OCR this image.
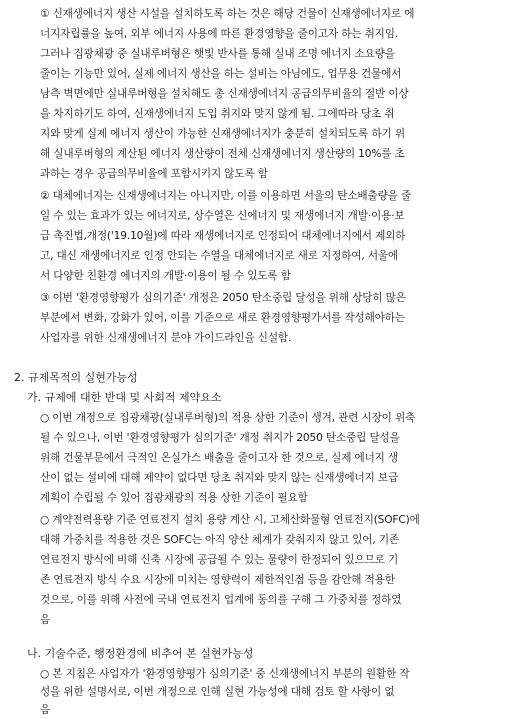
① 신재생에너지 생산 시설을 설치하도록 하는 것은 해당 건물이 신재생에너지로 에
너지자립률을 높여, 외부 에너지 사용에 따른 환경영향을 줄이고자 하는 취지임.
그러나 집광채광 중 실내루버형은 햇빛 반사를 통해 실내 조명 에너지 소요량을
줄이는 기능만 있어, 실제 에너지 생산을 하는 설비는 아님에도, 업무용 건물에서
남측 벽면에만 실내루버형을 설치해도 총 신재생에너지 공급의무비율의 절반 이상
을 차지하기도 하여, 신재생에너지 도입 취지와 맞지 않게 됨. 그에따라 당초 취
지와 맞게 실제 에너지 생산이 가능한 신재생에너지가 충분히 설치되도록 하기 위
해 실내루버형의 계산된 에너지 생산량이 전체 신재생에너지 생산량의 10%를 초
과하는 경우 공급의무비율에 포함시키지 않도록 함
② 대체에너지는 신재생에너지는 아니지만, 이를 이용하면 서울의 탄소배출량을 줄
일 수 있는 효과가 있는 에너지로, 상수열은 신에너지 및 재생에너지 개발·이용·보
급 촉진법,개정('19.10월)에 따라 재생에너지로 인정되어 대체에너지에서 제외하
고, 대신 재생에너지로 인정 안되는 수열을 대체에너지로 새로 지정하여, 서울에
서 다양한 친환경 에너지의 개발·이용이 될 수 있도록 함
③ 이번 '환경영향평가 심의기준' 개정은 2050 탄소중립 달성을 위해 상당히 많은
부분에서 변화, 강화가 있어, 이를 기준으로 새로 환경영향평가서를 작성해야하는
사업자를 위한 신재생에너지 분야 가이드라인을 신설함.
2. 규제목적의 실현가능성
가. 규제에 대한 반대 및 사회적 제약요소
○ 이번 개정으로 집광채광(실내루버형)의 적용 상한 기준이 생겨, 관련 시장이 위축
될 수 있으나, 이번 '환경영향평가 심의기준' 개정 취지가 2050 탄소중립 달성을
위해 건물부문에서 극적인 온실가스 배출을 줄이고자 한 것으로, 실제 에너지 생
산이 없는 설비에 대해 제약이 없다면 당초 취지와 맞지 않는 신재생에너지 보급
계획이 수립될 수 있어 집광채광의 적용 상한 기준이 필요함
○ 계약전력용량 기준 연료전지 설치 용량 계산 시, 고체산화물형 연료전지(SOFC)에
대해 가중치를 적용한 것은 SOFC는 아직 양산 체계가 갖춰지지 않고 있어, 기존
연료전지 방식에 비해 신축 시장에 공급될 수 있는 물량이 한정되어 있으므로 기
존 연료전지 방식 수요 시장에 미치는 영향력이 제한적인점 등을 감안해 적용한
것으로, 이를 위해 사전에 국내 연료전지 업계에 동의를 구해 그 가중치를 정하였
음
나. 기술수준, 행정환경에 비추어 본 실현가능성
○ 본 지침은 사업자가 '환경영향평가 심의기준' 중 신재생에너지 부분의 원활한 작
성을 위한 설명서로, 이번 개정으로 인해 실현 가능성에 대해 검토 할 사항이 없
음
